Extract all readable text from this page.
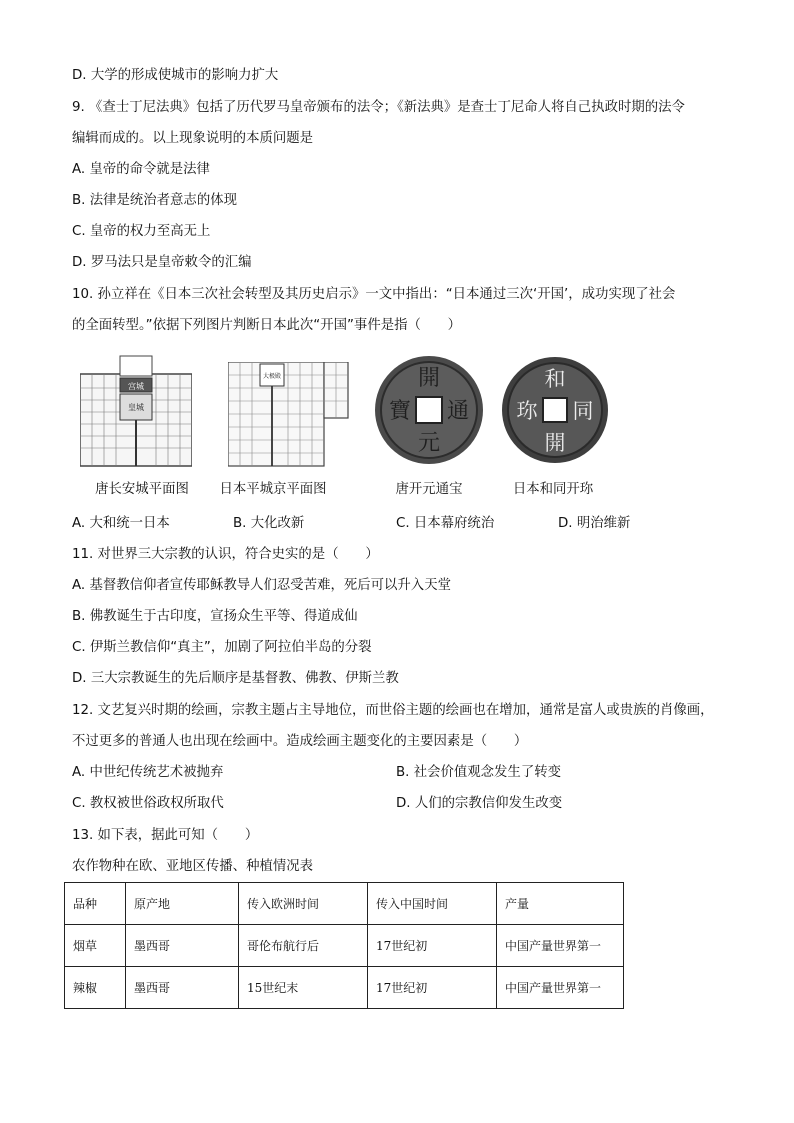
D. 大学的形成使城市的影响力扩大
9. 《查士丁尼法典》包括了历代罗马皇帝颁布的法令；《新法典》是查士丁尼命人将自己执政时期的法令
编辑而成的。以上现象说明的本质问题是
A. 皇帝的命令就是法律
B. 法律是统治者意志的体现
C. 皇帝的权力至高无上
D. 罗马法只是皇帝敕令的汇编
10. 孙立祥在《日本三次社会转型及其历史启示》一文中指出：“日本通过三次‘开国’，成功实现了社会
的全面转型。”依据下列图片判断日本此次“开国”事件是指（　　）
宫城
皇城
唐长安城平面图
大极殿
日本平城京平面图
開
通
元
寶
唐开元通宝
和
同
開
珎
日本和同开珎
A. 大和统一日本	B. 大化改新	C. 日本幕府统治	D. 明治维新
11. 对世界三大宗教的认识，符合史实的是（　　）
A. 基督教信仰者宣传耶稣教导人们忍受苦难，死后可以升入天堂
B. 佛教诞生于古印度，宣扬众生平等、得道成仙
C. 伊斯兰教信仰“真主”，加剧了阿拉伯半岛的分裂
D. 三大宗教诞生的先后顺序是基督教、佛教、伊斯兰教
12. 文艺复兴时期的绘画，宗教主题占主导地位，而世俗主题的绘画也在增加，通常是富人或贵族的肖像画，
不过更多的普通人也出现在绘画中。造成绘画主题变化的主要因素是（　　）
A. 中世纪传统艺术被抛弃	B. 社会价值观念发生了转变
C. 教权被世俗政权所取代	D. 人们的宗教信仰发生改变
13. 如下表，据此可知（　　）
农作物种在欧、亚地区传播、种植情况表
品种	原产地	传入欧洲时间	传入中国时间	产量
烟草	墨西哥	哥伦布航行后	17世纪初	中国产量世界第一
辣椒	墨西哥	15世纪末	17世纪初	中国产量世界第一
